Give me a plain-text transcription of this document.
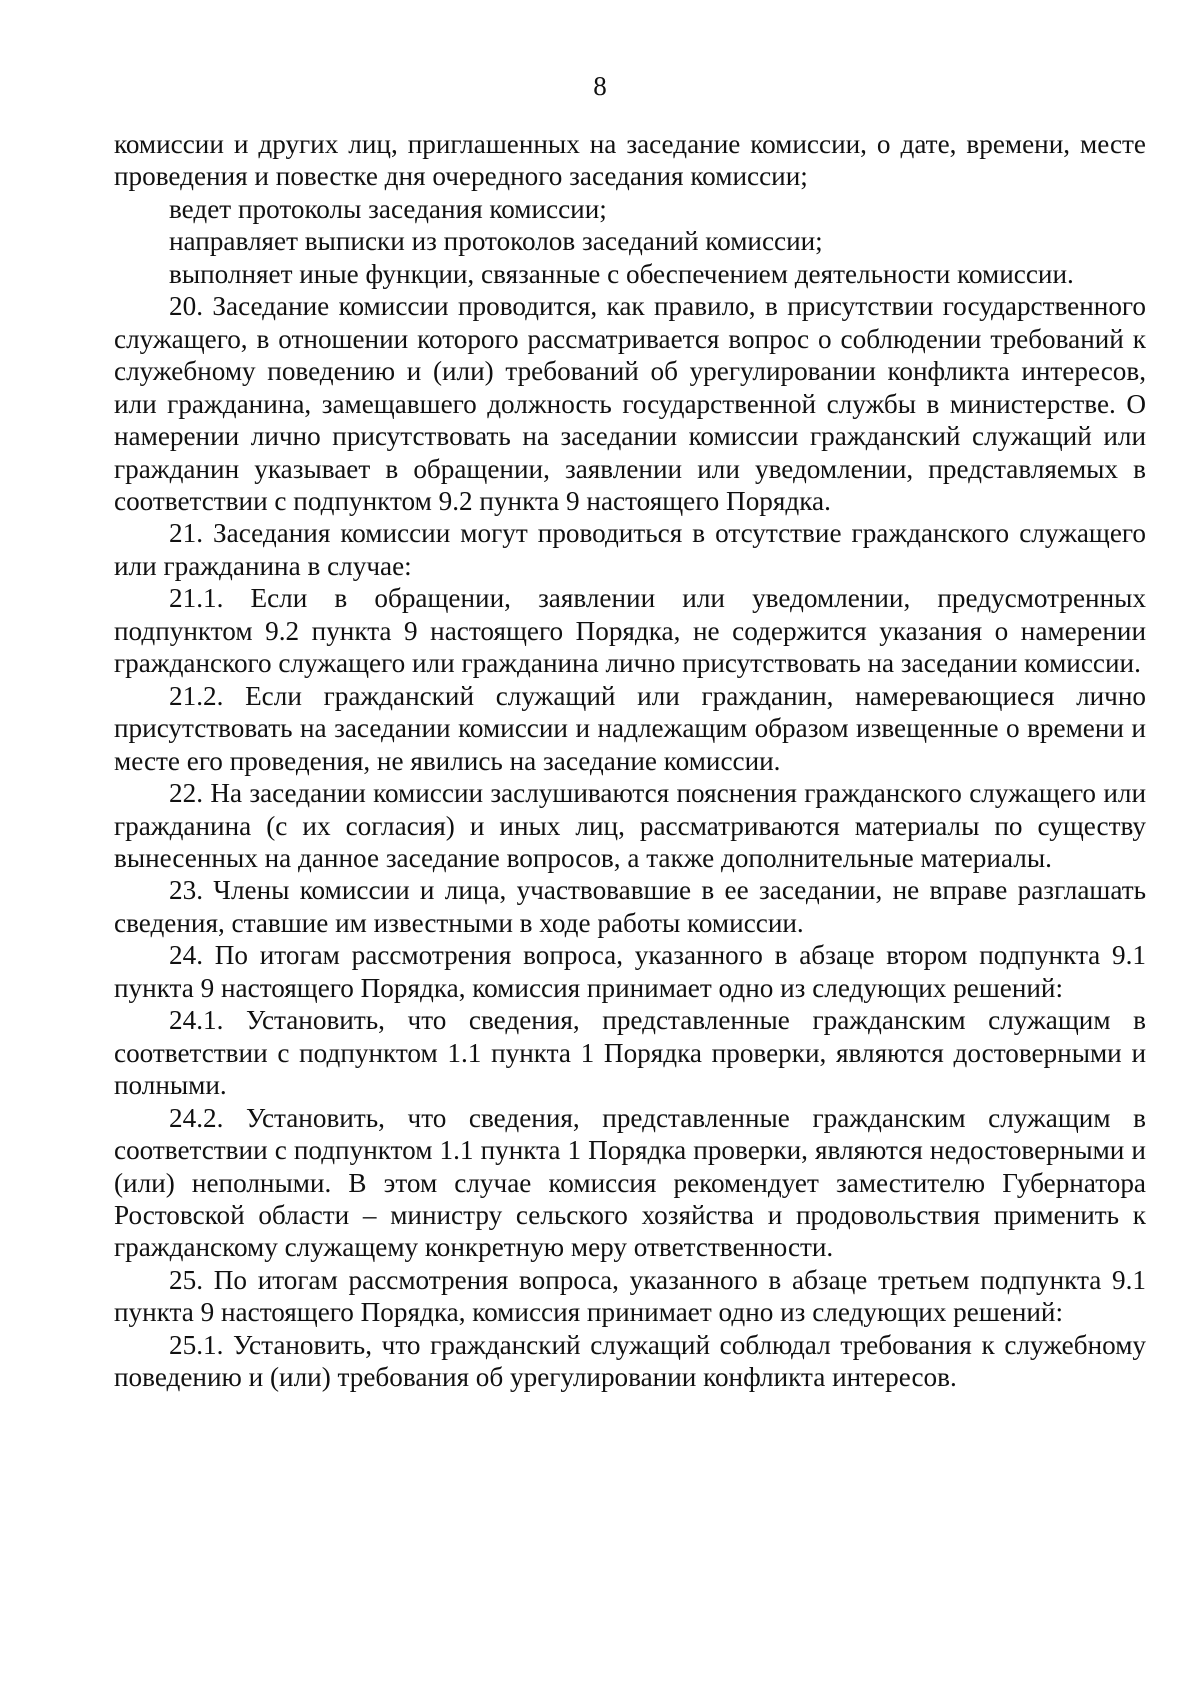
8

комиссии и других лиц, приглашенных на заседание комиссии, о дате, времени, месте проведения и повестке дня очередного заседания комиссии;

ведет протоколы заседания комиссии;

направляет выписки из протоколов заседаний комиссии;

выполняет иные функции, связанные с обеспечением деятельности комиссии.

20. Заседание комиссии проводится, как правило, в присутствии государственного служащего, в отношении которого рассматривается вопрос о соблюдении требований к служебному поведению и (или) требований об урегулировании конфликта интересов, или гражданина, замещавшего должность государственной службы в министерстве. О намерении лично присутствовать на заседании комиссии гражданский служащий или гражданин указывает в обращении, заявлении или уведомлении, представляемых в соответствии с подпунктом 9.2 пункта 9 настоящего Порядка.

21. Заседания комиссии могут проводиться в отсутствие гражданского служащего или гражданина в случае:

21.1. Если в обращении, заявлении или уведомлении, предусмотренных подпунктом 9.2 пункта 9 настоящего Порядка, не содержится указания о намерении гражданского служащего или гражданина лично присутствовать на заседании комиссии.

21.2. Если гражданский служащий или гражданин, намеревающиеся лично присутствовать на заседании комиссии и надлежащим образом извещенные о времени и месте его проведения, не явились на заседание комиссии.

22. На заседании комиссии заслушиваются пояснения гражданского служащего или гражданина (с их согласия) и иных лиц, рассматриваются материалы по существу вынесенных на данное заседание вопросов, а также дополнительные материалы.

23. Члены комиссии и лица, участвовавшие в ее заседании, не вправе разглашать сведения, ставшие им известными в ходе работы комиссии.

24. По итогам рассмотрения вопроса, указанного в абзаце втором подпункта 9.1 пункта 9 настоящего Порядка, комиссия принимает одно из следующих решений:

24.1. Установить, что сведения, представленные гражданским служащим в соответствии с подпунктом 1.1 пункта 1 Порядка проверки, являются достоверными и полными.

24.2. Установить, что сведения, представленные гражданским служащим в соответствии с подпунктом 1.1 пункта 1 Порядка проверки, являются недостоверными и (или) неполными. В этом случае комиссия рекомендует заместителю Губернатора Ростовской области – министру сельского хозяйства и продовольствия применить к гражданскому служащему конкретную меру ответственности.

25. По итогам рассмотрения вопроса, указанного в абзаце третьем подпункта 9.1 пункта 9 настоящего Порядка, комиссия принимает одно из следующих решений:

25.1. Установить, что гражданский служащий соблюдал требования к служебному поведению и (или) требования об урегулировании конфликта интересов.
